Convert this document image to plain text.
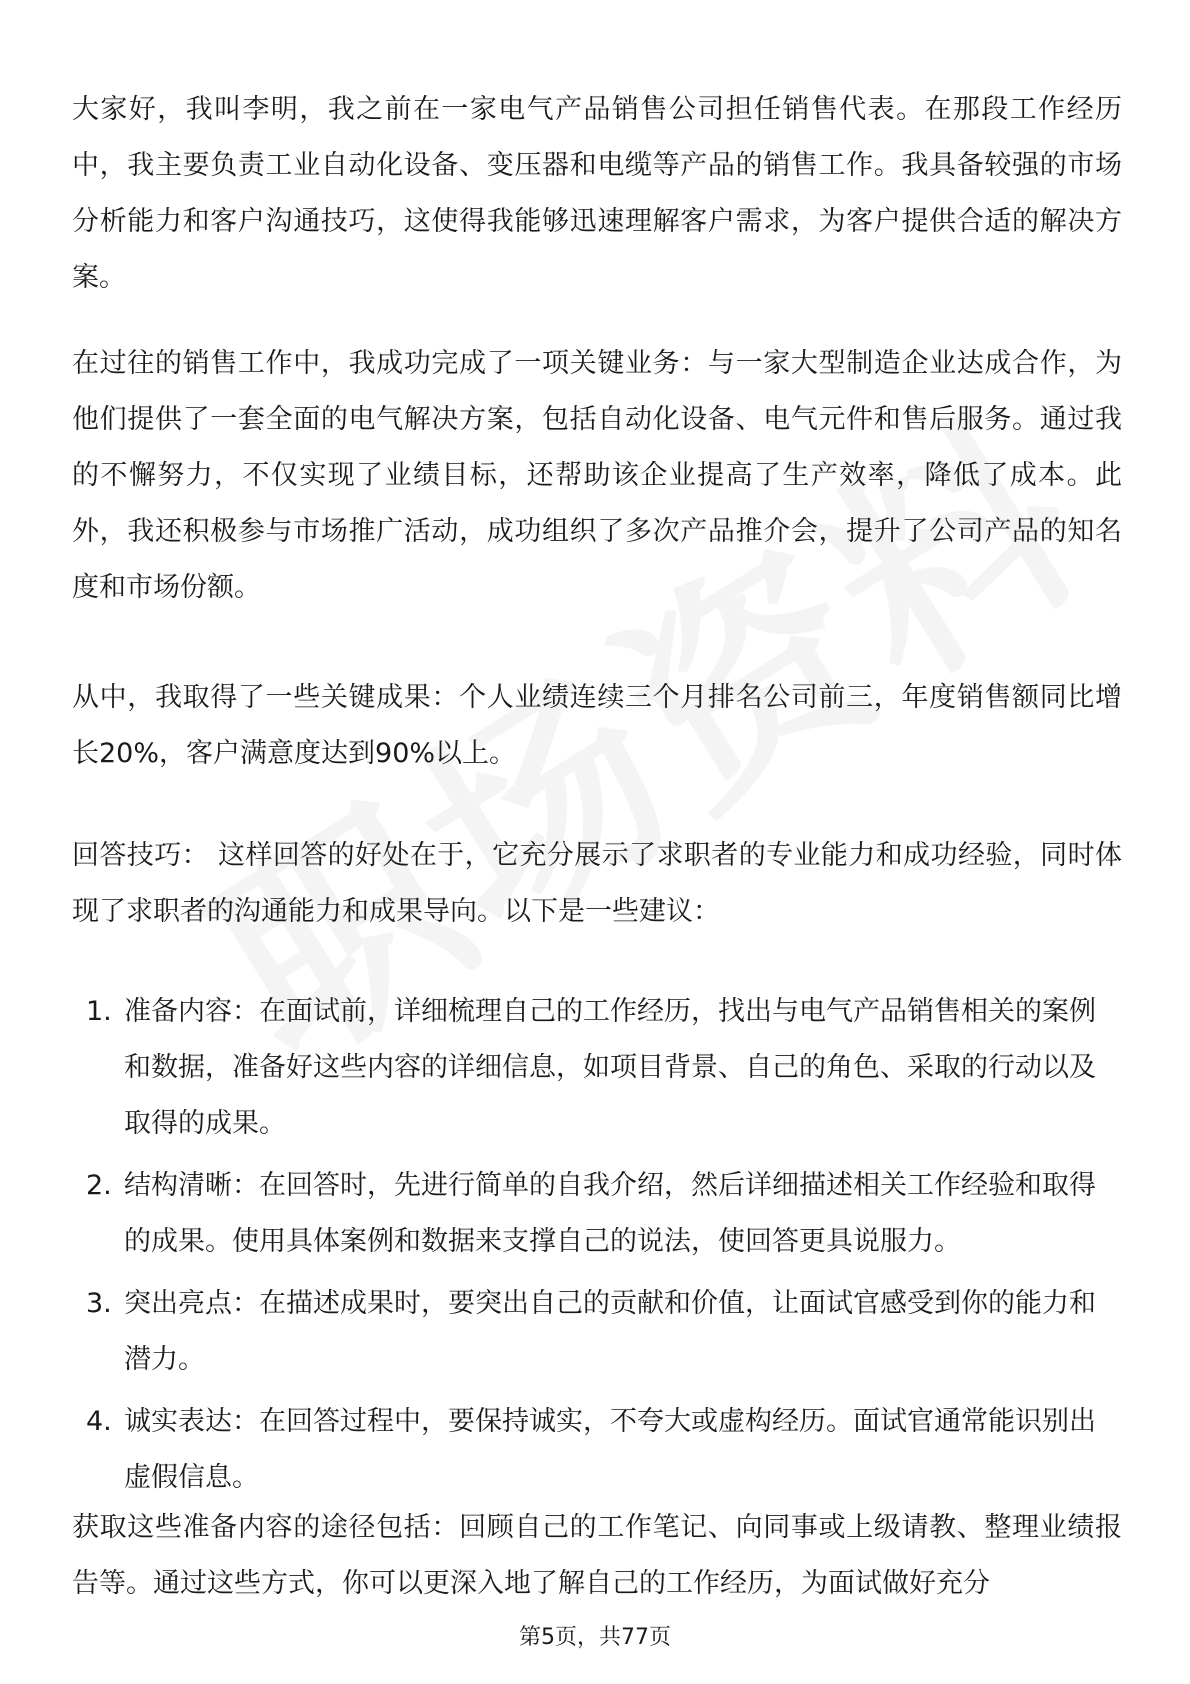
大家好，我叫李明，我之前在一家电气产品销售公司担任销售代表。在那段工作经历中，我主要负责工业自动化设备、变压器和电缆等产品的销售工作。我具备较强的市场分析能力和客户沟通技巧，这使得我能够迅速理解客户需求，为客户提供合适的解决方案。

在过往的销售工作中，我成功完成了一项关键业务：与一家大型制造企业达成合作，为他们提供了一套全面的电气解决方案，包括自动化设备、电气元件和售后服务。通过我的不懈努力，不仅实现了业绩目标，还帮助该企业提高了生产效率，降低了成本。此外，我还积极参与市场推广活动，成功组织了多次产品推介会，提升了公司产品的知名度和市场份额。

从中，我取得了一些关键成果：个人业绩连续三个月排名公司前三，年度销售额同比增长20%，客户满意度达到90%以上。

回答技巧： 这样回答的好处在于，它充分展示了求职者的专业能力和成功经验，同时体现了求职者的沟通能力和成果导向。以下是一些建议：

1. 准备内容：在面试前，详细梳理自己的工作经历，找出与电气产品销售相关的案例和数据，准备好这些内容的详细信息，如项目背景、自己的角色、采取的行动以及取得的成果。
2. 结构清晰：在回答时，先进行简单的自我介绍，然后详细描述相关工作经验和取得的成果。使用具体案例和数据来支撑自己的说法，使回答更具说服力。
3. 突出亮点：在描述成果时，要突出自己的贡献和价值，让面试官感受到你的能力和潜力。
4. 诚实表达：在回答过程中，要保持诚实，不夸大或虚构经历。面试官通常能识别出虚假信息。

获取这些准备内容的途径包括：回顾自己的工作笔记、向同事或上级请教、整理业绩报告等。通过这些方式，你可以更深入地了解自己的工作经历，为面试做好充分

第5页，共77页
